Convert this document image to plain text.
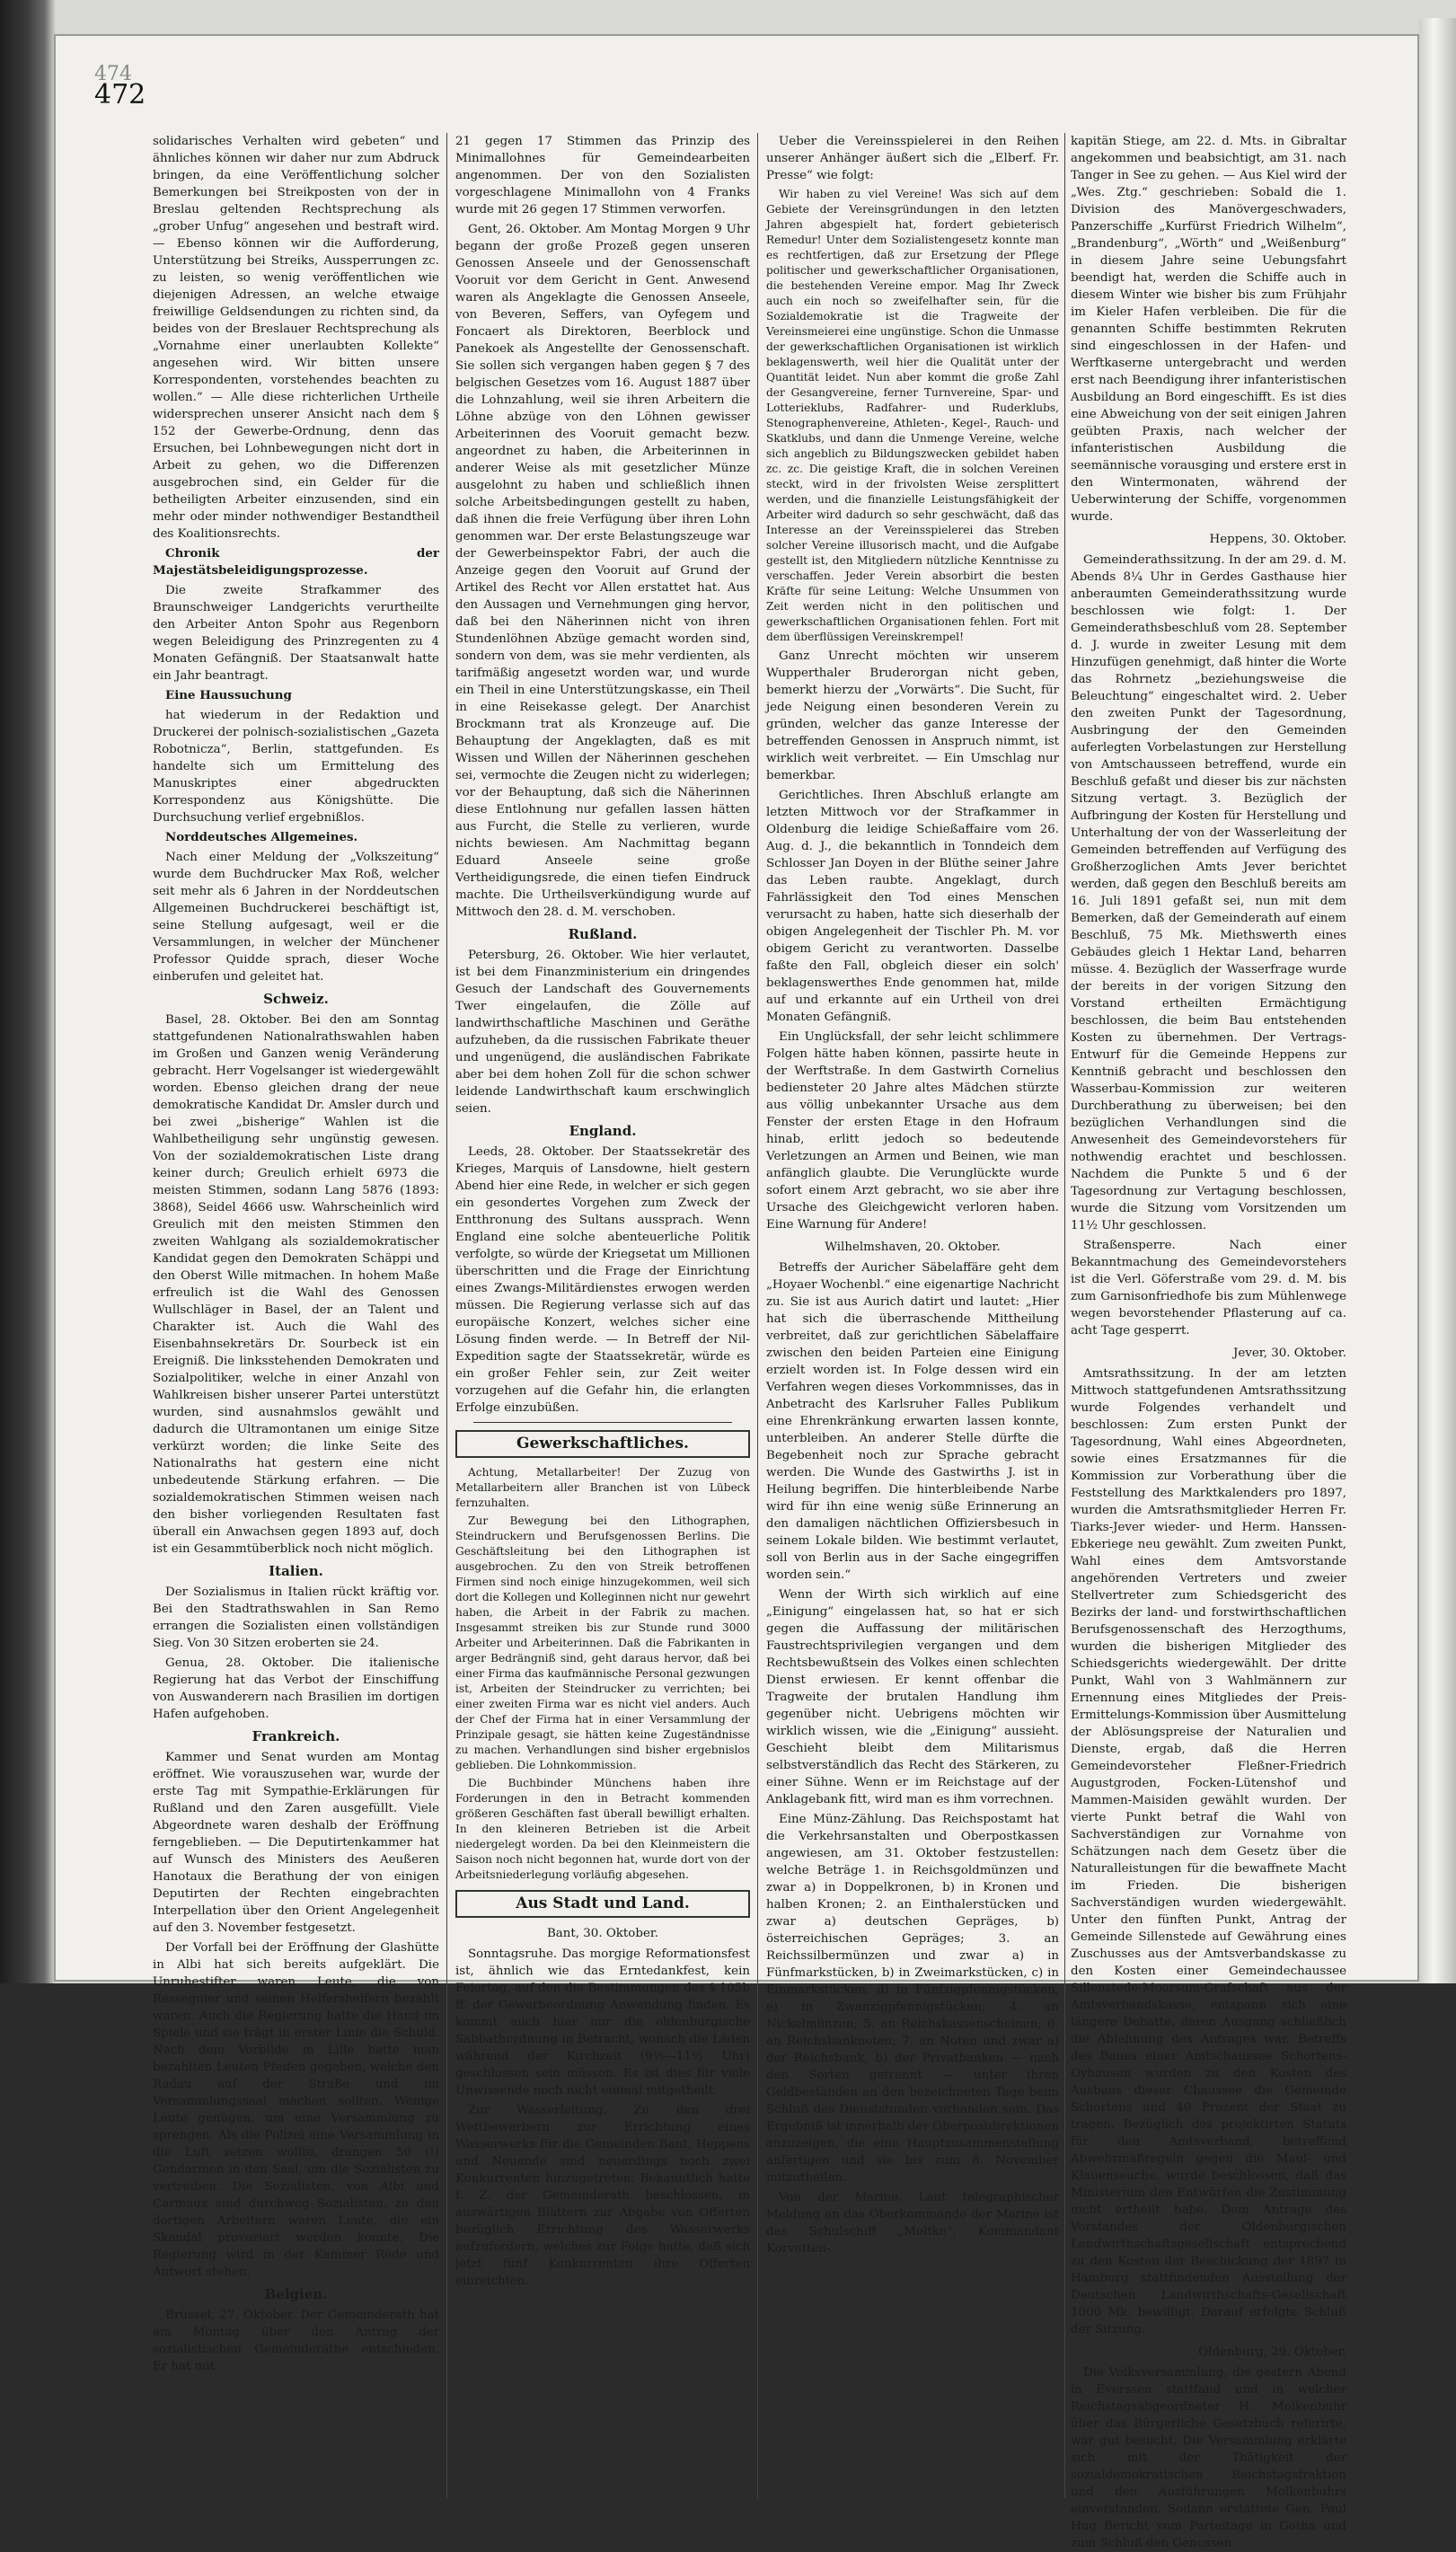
474
472

solidarisches Verhalten wird gebeten“ und ähnliches können wir daher nur zum Abdruck bringen, da eine Veröffentlichung solcher Bemerkungen bei Streikposten von der in Breslau geltenden Rechtsprechung als „grober Unfug“ angesehen und bestraft wird. — Ebenso können wir die Aufforderung, Unterstützung bei Streiks, Aussperrungen zc. zu leisten, so wenig veröffentlichen wie diejenigen Adressen, an welche etwaige freiwillige Geldsendungen zu richten sind, da beides von der Breslauer Rechtsprechung als „Vornahme einer unerlaubten Kollekte“ angesehen wird. Wir bitten unsere Korrespondenten, vorstehendes beachten zu wollen.“ — Alle diese richterlichen Urtheile widersprechen unserer Ansicht nach dem § 152 der Gewerbe-Ordnung, denn das Ersuchen, bei Lohnbewegungen nicht dort in Arbeit zu gehen, wo die Differenzen ausgebrochen sind, ein Gelder für die betheiligten Arbeiter einzusenden, sind ein mehr oder minder nothwendiger Bestandtheil des Koalitionsrechts.

Chronik der Majestätsbeleidigungsprozesse.

Die zweite Strafkammer des Braunschweiger Landgerichts verurtheilte den Arbeiter Anton Spohr aus Regenborn wegen Beleidigung des Prinzregenten zu 4 Monaten Gefängniß. Der Staatsanwalt hatte ein Jahr beantragt.

Eine Haussuchung

hat wiederum in der Redaktion und Druckerei der polnisch-sozialistischen „Gazeta Robotnicza“, Berlin, stattgefunden. Es handelte sich um Ermittelung des Manuskriptes einer abgedruckten Korrespondenz aus Königshütte. Die Durchsuchung verlief ergebnißlos.

Norddeutsches Allgemeines.

Nach einer Meldung der „Volkszeitung“ wurde dem Buchdrucker Max Roß, welcher seit mehr als 6 Jahren in der Norddeutschen Allgemeinen Buchdruckerei beschäftigt ist, seine Stellung aufgesagt, weil er die Versammlungen, in welcher der Münchener Professor Quidde sprach, dieser Woche einberufen und geleitet hat.

Schweiz.

Basel, 28. Oktober. Bei den am Sonntag stattgefundenen Nationalrathswahlen haben im Großen und Ganzen wenig Veränderung gebracht. Herr Vogelsanger ist wiedergewählt worden. Ebenso gleichen drang der neue demokratische Kandidat Dr. Amsler durch und bei zwei „bisherige“ Wahlen ist die Wahlbetheiligung sehr ungünstig gewesen. Von der sozialdemokratischen Liste drang keiner durch; Greulich erhielt 6973 die meisten Stimmen, sodann Lang 5876 (1893: 3868), Seidel 4666 usw. Wahrscheinlich wird Greulich mit den meisten Stimmen den zweiten Wahlgang als sozialdemokratischer Kandidat gegen den Demokraten Schäppi und den Oberst Wille mitmachen. In hohem Maße erfreulich ist die Wahl des Genossen Wullschläger in Basel, der an Talent und Charakter ist. Auch die Wahl des Eisenbahnsekretärs Dr. Sourbeck ist ein Ereigniß. Die linksstehenden Demokraten und Sozialpolitiker, welche in einer Anzahl von Wahlkreisen bisher unserer Partei unterstützt wurden, sind ausnahmslos gewählt und dadurch die Ultramontanen um einige Sitze verkürzt worden; die linke Seite des Nationalraths hat gestern eine nicht unbedeutende Stärkung erfahren. — Die sozialdemokratischen Stimmen weisen nach den bisher vorliegenden Resultaten fast überall ein Anwachsen gegen 1893 auf, doch ist ein Gesammtüberblick noch nicht möglich.

Italien.

Der Sozialismus in Italien rückt kräftig vor. Bei den Stadtrathswahlen in San Remo errangen die Sozialisten einen vollständigen Sieg. Von 30 Sitzen eroberten sie 24.

Genua, 28. Oktober. Die italienische Regierung hat das Verbot der Einschiffung von Auswanderern nach Brasilien im dortigen Hafen aufgehoben.

Frankreich.

Kammer und Senat wurden am Montag eröffnet. Wie vorauszusehen war, wurde der erste Tag mit Sympathie-Erklärungen für Rußland und den Zaren ausgefüllt. Viele Abgeordnete waren deshalb der Eröffnung ferngeblieben. — Die Deputirtenkammer hat auf Wunsch des Ministers des Aeußeren Hanotaux die Berathung der von einigen Deputirten der Rechten eingebrachten Interpellation über den Orient Angelegenheit auf den 3. November festgesetzt.

Der Vorfall bei der Eröffnung der Glashütte in Albi hat sich bereits aufgeklärt. Die Unruhestifter waren Leute, die von Resseguier und seinen Helfershelfern bezahlt waren. Auch die Regierung hatte die Hand im Spiele und sie trägt in erster Linie die Schuld. Nach dem Vorbilde in Lille hatte man bezahlten Leuten Pfeifen gegeben, welche den Radau auf der Straße und im Versammlungssaal machen sollten. Wenige Leute genügen, um eine Versammlung zu sprengen. Als die Polizei eine Versammlung in die Luft setzen wollte, drangen 50 (!) Gendarmen in den Saal, um die Sozialisten zu vertreiben. Die Sozialisten, von Albi und Carmaux sind durchweg Sozialisten, zu den dortigen Arbeitern waren Leute, die ein Skandal provoziert werden konnte. Die Regierung wird in der Kammer Rede und Antwort stehen.

Belgien.

Brüssel, 27. Oktober. Der Gemeinderath hat am Montag über den Antrag der sozialistischen Gemeinderäthe entschieden. Er hat mit

21 gegen 17 Stimmen das Prinzip des Minimallohnes für Gemeindearbeiten angenommen. Der von den Sozialisten vorgeschlagene Minimallohn von 4 Franks wurde mit 26 gegen 17 Stimmen verworfen.

Gent, 26. Oktober. Am Montag Morgen 9 Uhr begann der große Prozeß gegen unseren Genossen Anseele und der Genossenschaft Vooruit vor dem Gericht in Gent. Anwesend waren als Angeklagte die Genossen Anseele, von Beveren, Seffers, van Oyfegem und Foncaert als Direktoren, Beerblock und Panekoek als Angestellte der Genossenschaft. Sie sollen sich vergangen haben gegen § 7 des belgischen Gesetzes vom 16. August 1887 über die Lohnzahlung, weil sie ihren Arbeitern die Löhne abzüge von den Löhnen gewisser Arbeiterinnen des Vooruit gemacht bezw. angeordnet zu haben, die Arbeiterinnen in anderer Weise als mit gesetzlicher Münze ausgelohnt zu haben und schließlich ihnen solche Arbeitsbedingungen gestellt zu haben, daß ihnen die freie Verfügung über ihren Lohn genommen war. Der erste Belastungszeuge war der Gewerbeinspektor Fabri, der auch die Anzeige gegen den Vooruit auf Grund der Artikel des Recht vor Allen erstattet hat. Aus den Aussagen und Vernehmungen ging hervor, daß bei den Näherinnen nicht von ihren Stundenlöhnen Abzüge gemacht worden sind, sondern von dem, was sie mehr verdienten, als tarifmäßig angesetzt worden war, und wurde ein Theil in eine Unterstützungskasse, ein Theil in eine Reisekasse gelegt. Der Anarchist Brockmann trat als Kronzeuge auf. Die Behauptung der Angeklagten, daß es mit Wissen und Willen der Näherinnen geschehen sei, vermochte die Zeugen nicht zu widerlegen; vor der Behauptung, daß sich die Näherinnen diese Entlohnung nur gefallen lassen hätten aus Furcht, die Stelle zu verlieren, wurde nichts bewiesen. Am Nachmittag begann Eduard Anseele seine große Vertheidigungsrede, die einen tiefen Eindruck machte. Die Urtheilsverkündigung wurde auf Mittwoch den 28. d. M. verschoben.

Rußland.

Petersburg, 26. Oktober. Wie hier verlautet, ist bei dem Finanzministerium ein dringendes Gesuch der Landschaft des Gouvernements Twer eingelaufen, die Zölle auf landwirthschaftliche Maschinen und Geräthe aufzuheben, da die russischen Fabrikate theuer und ungenügend, die ausländischen Fabrikate aber bei dem hohen Zoll für die schon schwer leidende Landwirthschaft kaum erschwinglich seien.

England.

Leeds, 28. Oktober. Der Staatssekretär des Krieges, Marquis of Lansdowne, hielt gestern Abend hier eine Rede, in welcher er sich gegen ein gesondertes Vorgehen zum Zweck der Entthronung des Sultans aussprach. Wenn England eine solche abenteuerliche Politik verfolgte, so würde der Kriegsetat um Millionen überschritten und die Frage der Einrichtung eines Zwangs-Militärdienstes erwogen werden müssen. Die Regierung verlasse sich auf das europäische Konzert, welches sicher eine Lösung finden werde. — In Betreff der Nil-Expedition sagte der Staatssekretär, würde es ein großer Fehler sein, zur Zeit weiter vorzugehen auf die Gefahr hin, die erlangten Erfolge einzubüßen.

Gewerkschaftliches.

Achtung, Metallarbeiter! Der Zuzug von Metallarbeitern aller Branchen ist von Lübeck fernzuhalten.

Zur Bewegung bei den Lithographen, Steindruckern und Berufsgenossen Berlins. Die Geschäftsleitung bei den Lithographen ist ausgebrochen. Zu den von Streik betroffenen Firmen sind noch einige hinzugekommen, weil sich dort die Kollegen und Kolleginnen nicht nur gewehrt haben, die Arbeit in der Fabrik zu machen. Insgesammt streiken bis zur Stunde rund 3000 Arbeiter und Arbeiterinnen. Daß die Fabrikanten in arger Bedrängniß sind, geht daraus hervor, daß bei einer Firma das kaufmännische Personal gezwungen ist, Arbeiten der Steindrucker zu verrichten; bei einer zweiten Firma war es nicht viel anders. Auch der Chef der Firma hat in einer Versammlung der Prinzipale gesagt, sie hätten keine Zugeständnisse zu machen. Verhandlungen sind bisher ergebnislos geblieben. Die Lohnkommission.

Die Buchbinder Münchens haben ihre Forderungen in den in Betracht kommenden größeren Geschäften fast überall bewilligt erhalten. In den kleineren Betrieben ist die Arbeit niedergelegt worden. Da bei den Kleinmeistern die Saison noch nicht begonnen hat, wurde dort von der Arbeitsniederlegung vorläufig abgesehen.

Aus Stadt und Land.
Bant, 30. Oktober.

Sonntagsruhe. Das morgige Reformationsfest ist, ähnlich wie das Erntedankfest, kein Feiertag, auf den die Bestimmungen des § 105b ff. der Gewerbeordnung Anwendung finden. Es kommt auch hier nur die oldenburgische Sabbathordnung in Betracht, wonach die Läden während der Kirchzeit (9½—11½ Uhr) geschlossen sein müssen. Es ist dies für viele Unwissende noch nicht einmal mitgetheilt.

Zur Wasserleitung. Zu den drei Wettbewerbern zur Errichtung eines Wasserwerks für die Gemeinden Bant, Heppens und Neuende sind neuerdings noch zwei Konkurrenten hinzugetreten. Bekanntlich hatte f. Z. der Gemeinderath beschlossen, in auswärtigen Blättern zur Abgabe von Offerten bezüglich Errichtung des Wasserwerks aufzufordern, welches zur Folge hatte, daß sich jetzt fünf Konkurrenten ihre Offerten einreichten.

Ueber die Vereinsspielerei in den Reihen unserer Anhänger äußert sich die „Elberf. Fr. Presse“ wie folgt:

Wir haben zu viel Vereine! Was sich auf dem Gebiete der Vereinsgründungen in den letzten Jahren abgespielt hat, fordert gebieterisch Remedur! Unter dem Sozialistengesetz konnte man es rechtfertigen, daß zur Ersetzung der Pflege politischer und gewerkschaftlicher Organisationen, die bestehenden Vereine empor. Mag Ihr Zweck auch ein noch so zweifelhafter sein, für die Sozialdemokratie ist die Tragweite der Vereinsmeierei eine ungünstige. Schon die Unmasse der gewerkschaftlichen Organisationen ist wirklich beklagenswerth, weil hier die Qualität unter der Quantität leidet. Nun aber kommt die große Zahl der Gesangvereine, ferner Turnvereine, Spar- und Lotterieklubs, Radfahrer- und Ruderklubs, Stenographenvereine, Athleten-, Kegel-, Rauch- und Skatklubs, und dann die Unmenge Vereine, welche sich angeblich zu Bildungszwecken gebildet haben zc. zc. Die geistige Kraft, die in solchen Vereinen steckt, wird in der frivolsten Weise zersplittert werden, und die finanzielle Leistungsfähigkeit der Arbeiter wird dadurch so sehr geschwächt, daß das Interesse an der Vereinsspielerei das Streben solcher Vereine illusorisch macht, und die Aufgabe gestellt ist, den Mitgliedern nützliche Kenntnisse zu verschaffen. Jeder Verein absorbirt die besten Kräfte für seine Leitung: Welche Unsummen von Zeit werden nicht in den politischen und gewerkschaftlichen Organisationen fehlen. Fort mit dem überflüssigen Vereinskrempel!

Ganz Unrecht möchten wir unserem Wupperthaler Bruderorgan nicht geben, bemerkt hierzu der „Vorwärts“. Die Sucht, für jede Neigung einen besonderen Verein zu gründen, welcher das ganze Interesse der betreffenden Genossen in Anspruch nimmt, ist wirklich weit verbreitet. — Ein Umschlag nur bemerkbar.

Gerichtliches. Ihren Abschluß erlangte am letzten Mittwoch vor der Strafkammer in Oldenburg die leidige Schießaffaire vom 26. Aug. d. J., die bekanntlich in Tonndeich dem Schlosser Jan Doyen in der Blüthe seiner Jahre das Leben raubte. Angeklagt, durch Fahrlässigkeit den Tod eines Menschen verursacht zu haben, hatte sich dieserhalb der obigen Angelegenheit der Tischler Ph. M. vor obigem Gericht zu verantworten. Dasselbe faßte den Fall, obgleich dieser ein solch' beklagenswerthes Ende genommen hat, milde auf und erkannte auf ein Urtheil von drei Monaten Gefängniß.

Ein Unglücksfall, der sehr leicht schlimmere Folgen hätte haben können, passirte heute in der Werftstraße. In dem Gastwirth Cornelius bediensteter 20 Jahre altes Mädchen stürzte aus völlig unbekannter Ursache aus dem Fenster der ersten Etage in den Hofraum hinab, erlitt jedoch so bedeutende Verletzungen an Armen und Beinen, wie man anfänglich glaubte. Die Verunglückte wurde sofort einem Arzt gebracht, wo sie aber ihre Ursache des Gleichgewicht verloren haben. Eine Warnung für Andere!

Wilhelmshaven, 20. Oktober.

Betreffs der Auricher Säbelaffäre geht dem „Hoyaer Wochenbl.“ eine eigenartige Nachricht zu. Sie ist aus Aurich datirt und lautet: „Hier hat sich die überraschende Mittheilung verbreitet, daß zur gerichtlichen Säbelaffaire zwischen den beiden Parteien eine Einigung erzielt worden ist. In Folge dessen wird ein Verfahren wegen dieses Vorkommnisses, das in Anbetracht des Karlsruher Falles Publikum eine Ehrenkränkung erwarten lassen konnte, unterbleiben. An anderer Stelle dürfte die Begebenheit noch zur Sprache gebracht werden. Die Wunde des Gastwirths J. ist in Heilung begriffen. Die hinterbleibende Narbe wird für ihn eine wenig süße Erinnerung an den damaligen nächtlichen Offiziersbesuch in seinem Lokale bilden. Wie bestimmt verlautet, soll von Berlin aus in der Sache eingegriffen worden sein.“

Wenn der Wirth sich wirklich auf eine „Einigung“ eingelassen hat, so hat er sich gegen die Auffassung der militärischen Faustrechtsprivilegien vergangen und dem Rechtsbewußtsein des Volkes einen schlechten Dienst erwiesen. Er kennt offenbar die Tragweite der brutalen Handlung ihm gegenüber nicht. Uebrigens möchten wir wirklich wissen, wie die „Einigung“ aussieht. Geschieht bleibt dem Militarismus selbstverständlich das Recht des Stärkeren, zu einer Sühne. Wenn er im Reichstage auf der Anklagebank fitt, wird man es ihm vorrechnen.

Eine Münz-Zählung. Das Reichspostamt hat die Verkehrsanstalten und Oberpostkassen angewiesen, am 31. Oktober festzustellen: welche Beträge 1. in Reichsgoldmünzen und zwar a) in Doppelkronen, b) in Kronen und halben Kronen; 2. an Einthalerstücken und zwar a) deutschen Gepräges, b) österreichischen Gepräges; 3. an Reichssilbermünzen und zwar a) in Fünfmarkstücken, b) in Zweimarkstücken, c) in Einmarkstücken, d) in Fünfzigpfennigstücken, e) in Zwanzigpfennigstücken; 4. an Nickelmünzen; 5. an Reichskassenscheinen; 6. an Reichsbanknoten; 7. an Noten und zwar a) der Reichsbank, b) der Privatbanken — nach den Sorten getrennt — unter ihren Geldbeständen an den bezeichneten Tage beim Schluß des Dienststunden vorhanden sein. Das Ergebniß ist innerhalb der Oberpostdirektionen anzuzeigen, die eine Hauptzusammenstellung anfertigen und sie bis zum 8. November mitzutheilen.

Von der Marine. Laut telegraphischer Meldung an das Oberkommando der Marine ist das Schulschiff „Moltke“, Kommandant Korvetten-

kapitän Stiege, am 22. d. Mts. in Gibraltar angekommen und beabsichtigt, am 31. nach Tanger in See zu gehen. — Aus Kiel wird der „Wes. Ztg.“ geschrieben: Sobald die 1. Division des Manövergeschwaders, Panzerschiffe „Kurfürst Friedrich Wilhelm“, „Brandenburg“, „Wörth“ und „Weißenburg“ in diesem Jahre seine Uebungsfahrt beendigt hat, werden die Schiffe auch in diesem Winter wie bisher bis zum Frühjahr im Kieler Hafen verbleiben. Die für die genannten Schiffe bestimmten Rekruten sind eingeschlossen in der Hafen- und Werftkaserne untergebracht und werden erst nach Beendigung ihrer infanteristischen Ausbildung an Bord eingeschifft. Es ist dies eine Abweichung von der seit einigen Jahren geübten Praxis, nach welcher der infanteristischen Ausbildung die seemännische vorausging und erstere erst in den Wintermonaten, während der Ueberwinterung der Schiffe, vorgenommen wurde.

Heppens, 30. Oktober.

Gemeinderathssitzung. In der am 29. d. M. Abends 8¼ Uhr in Gerdes Gasthause hier anberaumten Gemeinderathssitzung wurde beschlossen wie folgt: 1. Der Gemeinderathsbeschluß vom 28. September d. J. wurde in zweiter Lesung mit dem Hinzufügen genehmigt, daß hinter die Worte das Rohrnetz „beziehungsweise die Beleuchtung“ eingeschaltet wird. 2. Ueber den zweiten Punkt der Tagesordnung, Ausbringung der den Gemeinden auferlegten Vorbelastungen zur Herstellung von Amtschausseen betreffend, wurde ein Beschluß gefaßt und dieser bis zur nächsten Sitzung vertagt. 3. Bezüglich der Aufbringung der Kosten für Herstellung und Unterhaltung der von der Wasserleitung der Gemeinden betreffenden auf Verfügung des Großherzoglichen Amts Jever berichtet werden, daß gegen den Beschluß bereits am 16. Juli 1891 gefaßt sei, nun mit dem Bemerken, daß der Gemeinderath auf einem Beschluß, 75 Mk. Miethswerth eines Gebäudes gleich 1 Hektar Land, beharren müsse. 4. Bezüglich der Wasserfrage wurde der bereits in der vorigen Sitzung den Vorstand ertheilten Ermächtigung beschlossen, die beim Bau entstehenden Kosten zu übernehmen. Der Vertrags-Entwurf für die Gemeinde Heppens zur Kenntniß gebracht und beschlossen den Wasserbau-Kommission zur weiteren Durchberathung zu überweisen; bei den bezüglichen Verhandlungen sind die Anwesenheit des Gemeindevorstehers für nothwendig erachtet und beschlossen. Nachdem die Punkte 5 und 6 der Tagesordnung zur Vertagung beschlossen, wurde die Sitzung vom Vorsitzenden um 11½ Uhr geschlossen.

Straßensperre. Nach einer Bekanntmachung des Gemeindevorstehers ist die Verl. Göferstraße vom 29. d. M. bis zum Garnisonfriedhofe bis zum Mühlenwege wegen bevorstehender Pflasterung auf ca. acht Tage gesperrt.

Jever, 30. Oktober.

Amtsrathssitzung. In der am letzten Mittwoch stattgefundenen Amtsrathssitzung wurde Folgendes verhandelt und beschlossen: Zum ersten Punkt der Tagesordnung, Wahl eines Abgeordneten, sowie eines Ersatzmannes für die Kommission zur Vorberathung über die Feststellung des Marktkalenders pro 1897, wurden die Amtsrathsmitglieder Herren Fr. Tiarks-Jever wieder- und Herm. Hanssen-Ebkeriege neu gewählt. Zum zweiten Punkt, Wahl eines dem Amtsvorstande angehörenden Vertreters und zweier Stellvertreter zum Schiedsgericht des Bezirks der land- und forstwirthschaftlichen Berufsgenossenschaft des Herzogthums, wurden die bisherigen Mitglieder des Schiedsgerichts wiedergewählt. Der dritte Punkt, Wahl von 3 Wahlmännern zur Ernennung eines Mitgliedes der Preis-Ermittelungs-Kommission über Ausmittelung der Ablösungspreise der Naturalien und Dienste, ergab, daß die Herren Gemeindevorsteher Fleßner-Friedrich Augustgroden, Focken-Lütenshof und Mammen-Maisiden gewählt wurden. Der vierte Punkt betraf die Wahl von Sachverständigen zur Vornahme von Schätzungen nach dem Gesetz über die Naturalleistungen für die bewaffnete Macht im Frieden. Die bisherigen Sachverständigen wurden wiedergewählt. Unter den fünften Punkt, Antrag der Gemeinde Sillenstede auf Gewährung eines Zuschusses aus der Amtsverbandskasse zu den Kosten einer Gemeindechaussee Sillenstede-Moorsum-Grafschaft aus der Amtsverbandskasse, entspann sich eine längere Debatte, deren Ausgang schließlich die Ablehnung des Antrages war. Betreffs des Baues einer Amtschaussee Schortens-Oyhausen wurden zu den Kosten des Ausbaus dieser Chaussee die Gemeinde Schortens und 40 Prozent der Staat zu tragen. Bezüglich des projektirten Statuts für den Amtsverband, betreffend Abwehrmaßregeln gegen die Maul- und Klauenseuche, wurde beschlossen, daß das Ministerium den Entwürfen die Zustimmung nicht ertheilt habe. Dem Antrage des Vorstandes der Oldenburgischen Landwirthschaftsgesellschaft entsprechend zu den Kosten der Beschickung der 1897 in Hamburg stattfindenden Ausstellung der Deutschen Landwirthschafts-Gesellschaft 1000 Mk. bewilligt. Darauf erfolgte Schluß der Sitzung.

Oldenburg, 29. Oktober.

Die Volksversammlung, die gestern Abend in Everssen stattfand und in welcher Reichstagsabgeordneter H. Molkenbuhr über das Bürgerliche Gesetzbuch referirte, war gut besucht. Die Versammlung erklärte sich mit der Thätigkeit der sozialdemokratischen Reichstagsfraktion und den Ausführungen Molkenbuhrs einverstanden. Sodann erstattete Gen. Paul Hug Bericht vom Parteitage in Gotha und zum Schluß den Genossen
